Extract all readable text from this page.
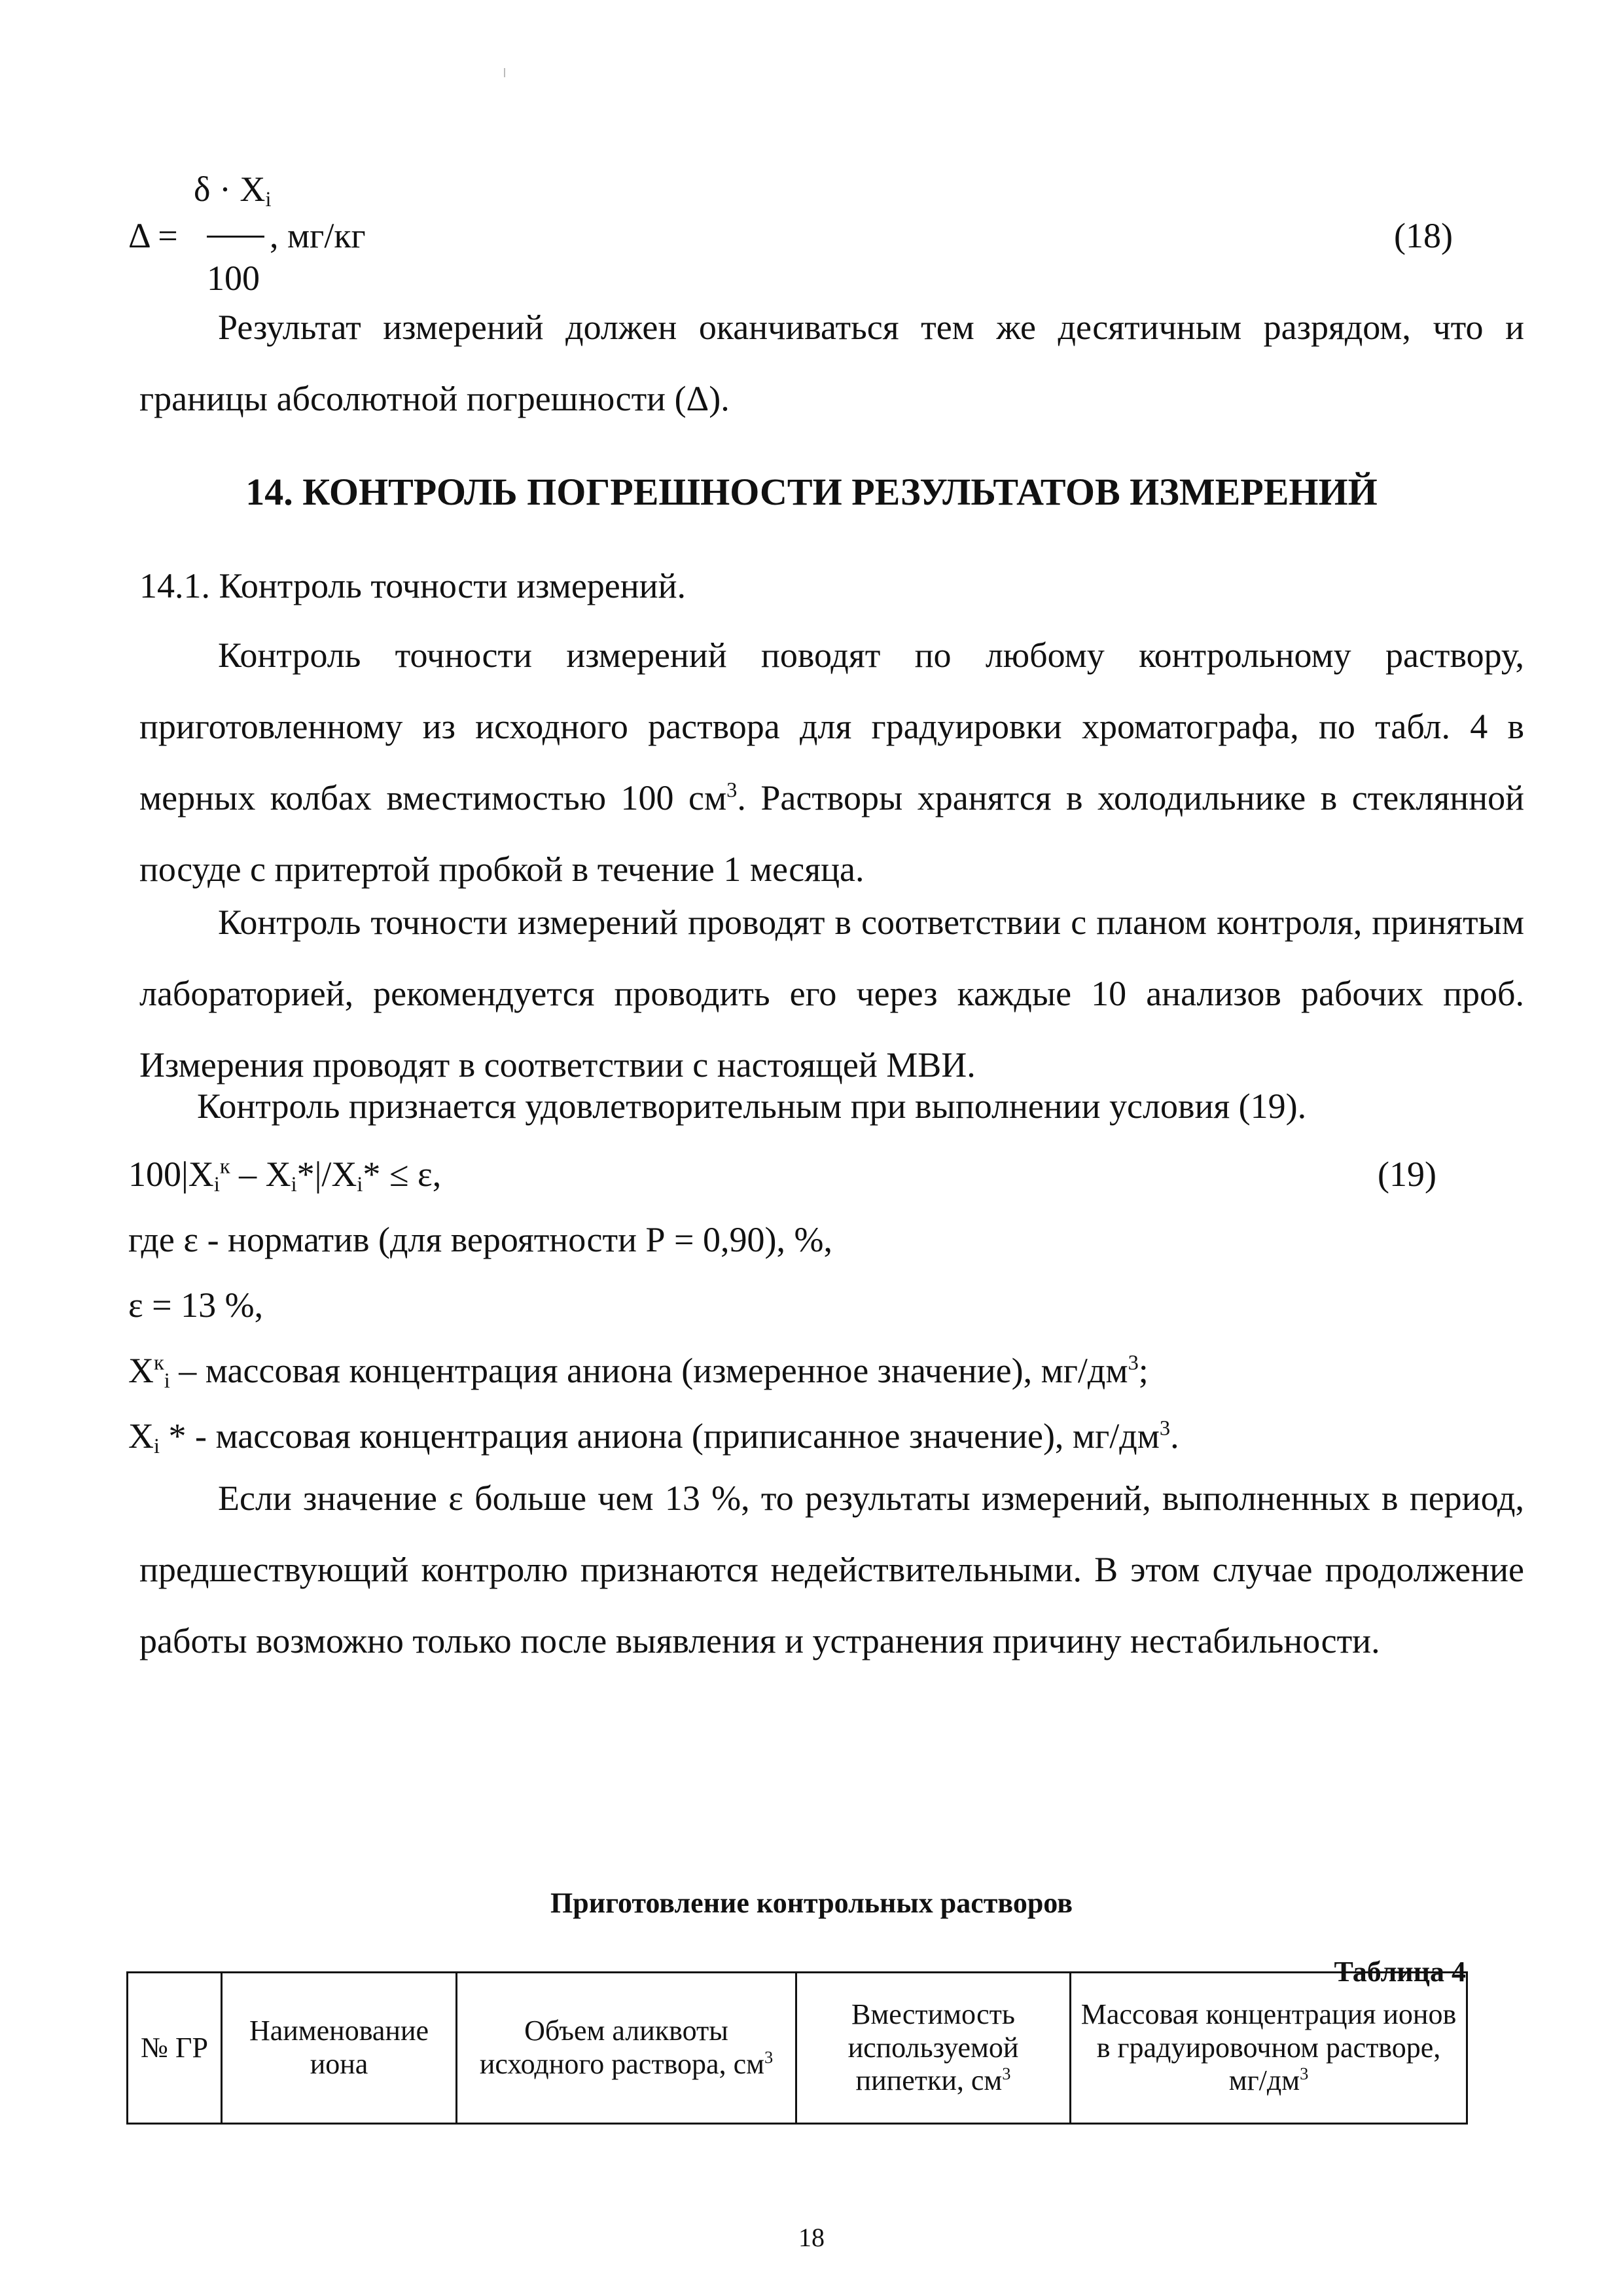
$\delta \cdot X_i$
Δ =	, мг/кг	(18)
100
Результат измерений должен оканчиваться тем же десятичным разрядом, что и границы абсолютной погрешности (Δ).
14. КОНТРОЛЬ ПОГРЕШНОСТИ РЕЗУЛЬТАТОВ ИЗМЕРЕНИЙ
14.1. Контроль точности измерений.
Контроль точности измерений поводят по любому контрольному раствору, приготовленному из исходного раствора для градуировки хроматографа, по табл. 4 в мерных колбах вместимостью 100 $см^3$. Растворы хранятся в холодильнике в стеклянной посуде с притертой пробкой в течение 1 месяца.
Контроль точности измерений проводят в соответствии с планом контроля, принятым лабораторией, рекомендуется проводить его через каждые 10 анализов рабочих проб. Измерения проводят в соответствии с настоящей МВИ.
Контроль признается удовлетворительным при выполнении условия (19).
$100|X_i^к - X_i*|/X_i* \le \varepsilon$,	(19)
где ε - норматив (для вероятности Р = 0,90), %,
ε = 13 %,
$X^к_i$ – массовая концентрация аниона (измеренное значение), $мг/дм^3$;
$X_i$ * - массовая концентрация аниона (приписанное значение), $мг/дм^3$.
Если значение ε больше чем 13 %, то результаты измерений, выполненных в период, предшествующий контролю признаются недействительными. В этом случае продолжение работы возможно только после выявления и устранения причину нестабильности.
Приготовление контрольных растворов
Таблица 4
№ ГР	Наименование иона	Объем аликвоты исходного раствора, $см^3$	Вместимость используемой пипетки, $см^3$	Массовая концентрация ионов в градуировочном растворе, $мг/дм^3$
18
